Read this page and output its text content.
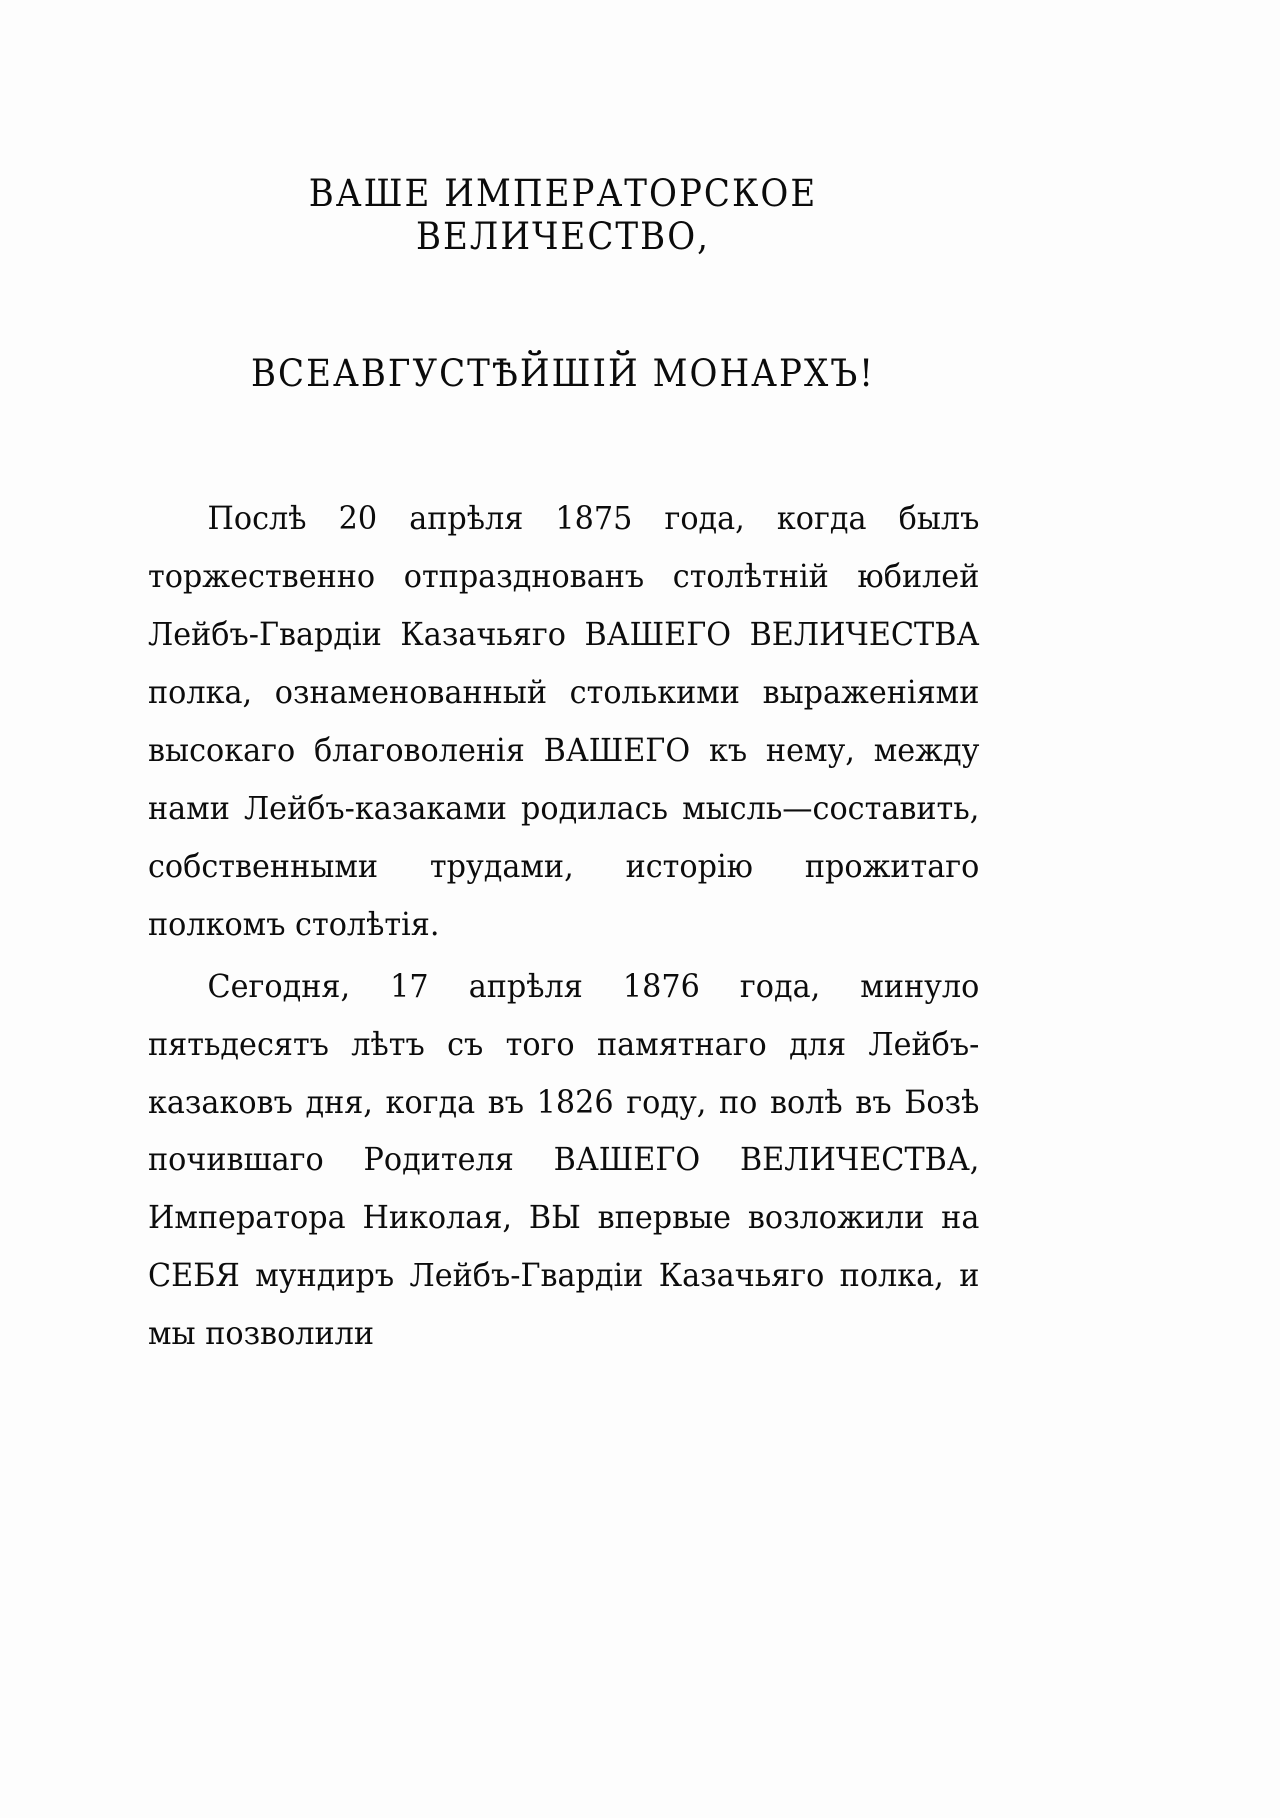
ВАШЕ ИМПЕРАТОРСКОЕ ВЕЛИЧЕСТВО,
ВСЕАВГУСТѢЙШІЙ МОНАРХЪ!

Послѣ 20 апрѣля 1875 года, когда былъ торжественно отпразднованъ столѣтній юбилей Лейбъ-Гвардіи Казачьяго ВАШЕГО ВЕЛИЧЕСТВА полка, ознаменованный столькими выраженіями высокаго благоволенія ВАШЕГО къ нему, между нами Лейбъ-казаками родилась мысль—составить, собственными трудами, исторію прожитаго полкомъ столѣтія.

Сегодня, 17 апрѣля 1876 года, минуло пятьдесятъ лѣтъ съ того памятнаго для Лейбъ-казаковъ дня, когда въ 1826 году, по волѣ въ Бозѣ почившаго Родителя ВАШЕГО ВЕЛИЧЕСТВА, Императора Николая, ВЫ впервые возложили на СЕБЯ мундиръ Лейбъ-Гвардіи Казачьяго полка, и мы позволили
